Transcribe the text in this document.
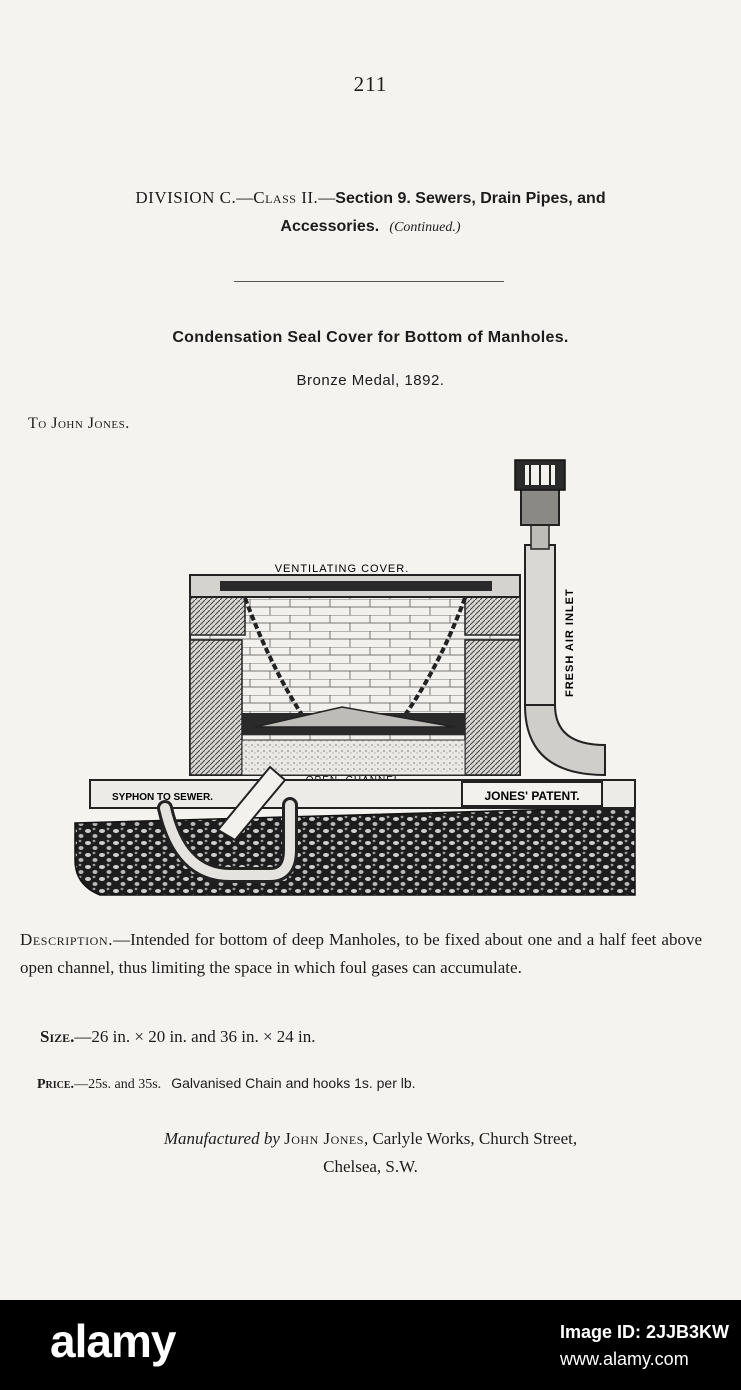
211
DIVISION C.—Class II.—Section 9. Sewers, Drain Pipes, and
Accessories. (Continued.)
Condensation Seal Cover for Bottom of Manholes.
Bronze Medal, 1892.
To John Jones.
VENTILATING COVER.
JONES' PATENT.
SYPHON TO SEWER.
FRESH AIR INLET
Description.—Intended for bottom of deep Manholes, to be fixed about one and a half feet above open channel, thus limiting the space in which foul gases can accumulate.
Size.—26 in. × 20 in. and 36 in. × 24 in.
Price.—25s. and 35s. Galvanised Chain and hooks 1s. per lb.
Manufactured by John Jones, Carlyle Works, Church Street,
Chelsea, S.W.
alamy	Image ID: 2JJB3KW
www.alamy.com
